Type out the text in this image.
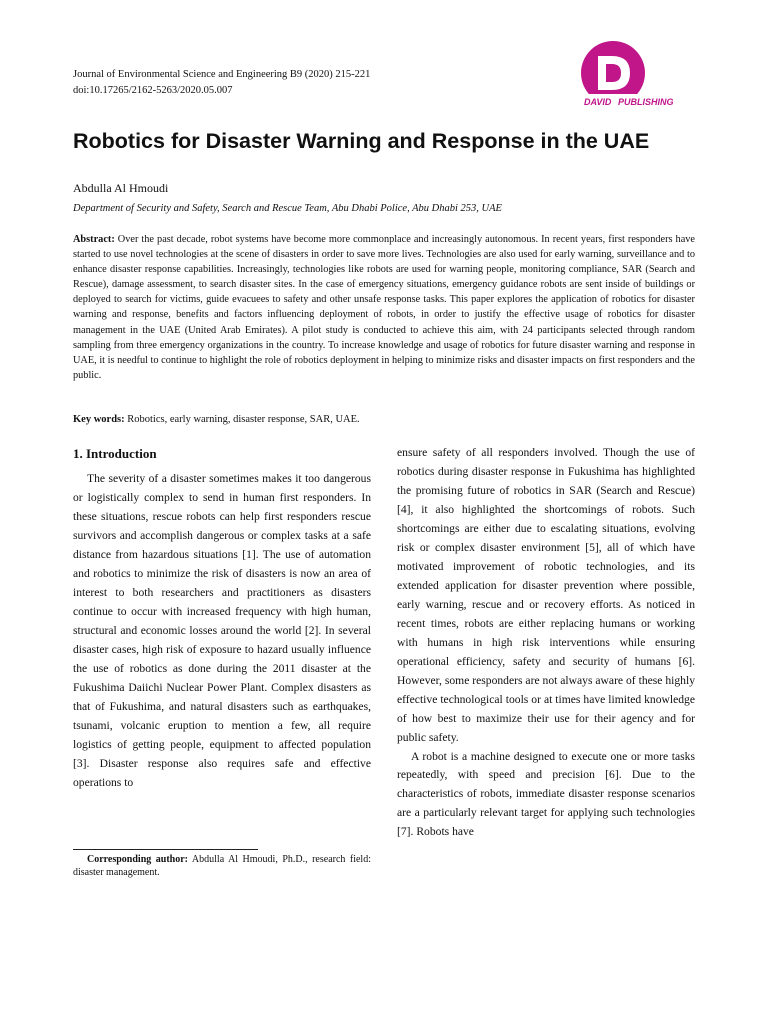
Journal of Environmental Science and Engineering B9 (2020) 215-221
doi:10.17265/2162-5263/2020.05.007
DAVID PUBLISHING
Robotics for Disaster Warning and Response in the UAE
Abdulla Al Hmoudi
Department of Security and Safety, Search and Rescue Team, Abu Dhabi Police, Abu Dhabi 253, UAE

Abstract: Over the past decade, robot systems have become more commonplace and increasingly autonomous. In recent years, first responders have started to use novel technologies at the scene of disasters in order to save more lives. Technologies are also used for early warning, surveillance and to enhance disaster response capabilities. Increasingly, technologies like robots are used for warning people, monitoring compliance, SAR (Search and Rescue), damage assessment, to search disaster sites. In the case of emergency situations, emergency guidance robots are sent inside of buildings or deployed to search for victims, guide evacuees to safety and other unsafe response tasks. This paper explores the application of robotics for disaster warning and response, benefits and factors influencing deployment of robots, in order to justify the effective usage of robotics for disaster management in the UAE (United Arab Emirates). A pilot study is conducted to achieve this aim, with 24 participants selected through random sampling from three emergency organizations in the country. To increase knowledge and usage of robotics for future disaster warning and response in UAE, it is needful to continue to highlight the role of robotics deployment in helping to minimize risks and disaster impacts on first responders and the public.

Key words: Robotics, early warning, disaster response, SAR, UAE.
1. Introduction

The severity of a disaster sometimes makes it too dangerous or logistically complex to send in human first responders. In these situations, rescue robots can help first responders rescue survivors and accomplish dangerous or complex tasks at a safe distance from hazardous situations [1]. The use of automation and robotics to minimize the risk of disasters is now an area of interest to both researchers and practitioners as disasters continue to occur with increased frequency with high human, structural and economic losses around the world [2]. In several disaster cases, high risk of exposure to hazard usually influence the use of robotics as done during the 2011 disaster at the Fukushima Daiichi Nuclear Power Plant. Complex disasters as that of Fukushima, and natural disasters such as earthquakes, tsunami, volcanic eruption to mention a few, all require logistics of getting people, equipment to affected population [3]. Disaster response also requires safe and effective operations to

ensure safety of all responders involved. Though the use of robotics during disaster response in Fukushima has highlighted the promising future of robotics in SAR (Search and Rescue) [4], it also highlighted the shortcomings of robots. Such shortcomings are either due to escalating situations, evolving risk or complex disaster environment [5], all of which have motivated improvement of robotic technologies, and its extended application for disaster prevention where possible, early warning, rescue and or recovery efforts. As noticed in recent times, robots are either replacing humans or working with humans in high risk interventions while ensuring operational efficiency, safety and security of humans [6]. However, some responders are not always aware of these highly effective technological tools or at times have limited knowledge of how best to maximize their use for their agency and for public safety.

A robot is a machine designed to execute one or more tasks repeatedly, with speed and precision [6]. Due to the characteristics of robots, immediate disaster response scenarios are a particularly relevant target for applying such technologies [7]. Robots have

Corresponding author: Abdulla Al Hmoudi, Ph.D., research field: disaster management.
